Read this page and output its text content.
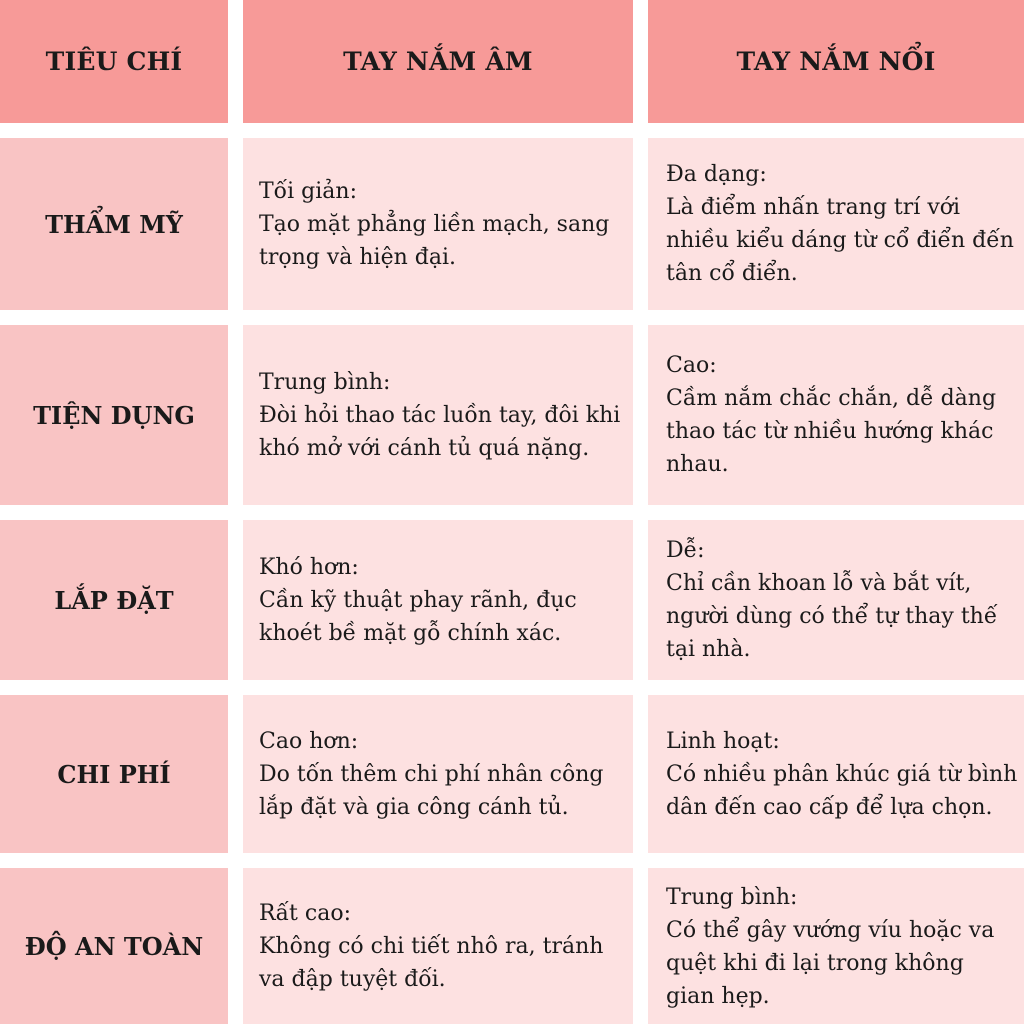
TIÊU CHÍ	TAY NẮM ÂM	TAY NẮM NỔI
THẨM MỸ
Tối giản:
Tạo mặt phẳng liền mạch, sang trọng và hiện đại.
Đa dạng:
Là điểm nhấn trang trí với nhiều kiểu dáng từ cổ điển đến tân cổ điển.
TIỆN DỤNG
Trung bình:
Đòi hỏi thao tác luồn tay, đôi khi khó mở với cánh tủ quá nặng.
Cao:
Cầm nắm chắc chắn, dễ dàng thao tác từ nhiều hướng khác nhau.
LẮP ĐẶT
Khó hơn:
Cần kỹ thuật phay rãnh, đục khoét bề mặt gỗ chính xác.
Dễ:
Chỉ cần khoan lỗ và bắt vít, người dùng có thể tự thay thế tại nhà.
CHI PHÍ
Cao hơn:
Do tốn thêm chi phí nhân công lắp đặt và gia công cánh tủ.
Linh hoạt:
Có nhiều phân khúc giá từ bình dân đến cao cấp để lựa chọn.
ĐỘ AN TOÀN
Rất cao:
Không có chi tiết nhô ra, tránh va đập tuyệt đối.
Trung bình:
Có thể gây vướng víu hoặc va quệt khi đi lại trong không gian hẹp.
